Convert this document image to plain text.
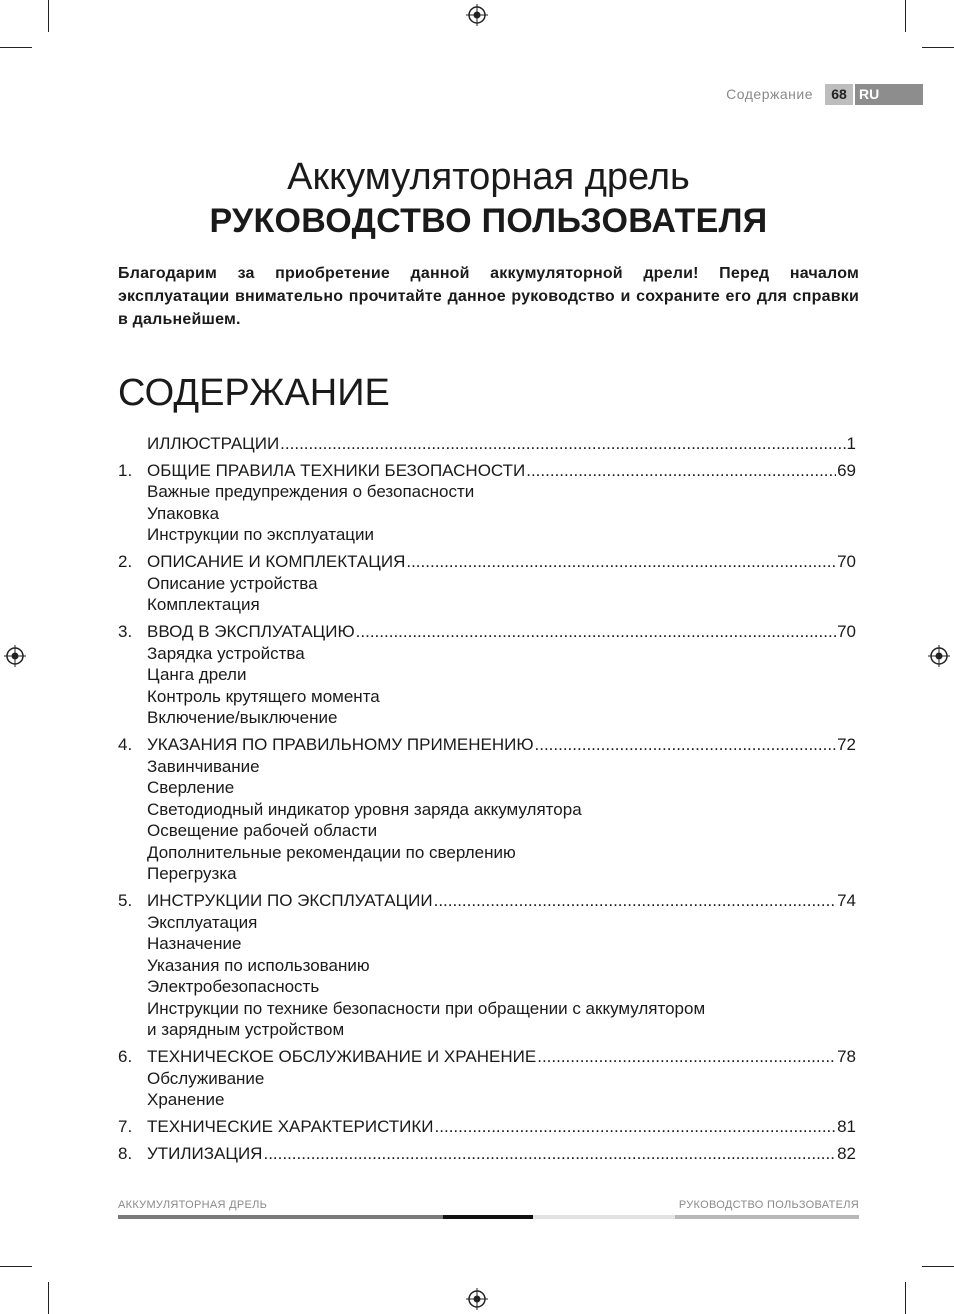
Содержание	68 RU
Аккумуляторная дрель
РУКОВОДСТВО ПОЛЬЗОВАТЕЛЯ
Благодарим за приобретение данной аккумуляторной дрели! Перед началом эксплуатации внимательно прочитайте данное руководство и сохраните его для справки в дальнейшем.
СОДЕРЖАНИЕ
ИЛЛЮСТРАЦИИ .....	1
1. ОБЩИЕ ПРАВИЛА ТЕХНИКИ БЕЗОПАСНОСТИ .....	69
Важные предупреждения о безопасности
Упаковка
Инструкции по эксплуатации
2. ОПИСАНИЕ И КОМПЛЕКТАЦИЯ .....	70
Описание устройства
Комплектация
3. ВВОД В ЭКСПЛУАТАЦИЮ .....	70
Зарядка устройства
Цанга дрели
Контроль крутящего момента
Включение/выключение
4. УКАЗАНИЯ ПО ПРАВИЛЬНОМУ ПРИМЕНЕНИЮ .....	72
Завинчивание
Сверление
Светодиодный индикатор уровня заряда аккумулятора
Освещение рабочей области
Дополнительные рекомендации по сверлению
Перегрузка
5. ИНСТРУКЦИИ ПО ЭКСПЛУАТАЦИИ .....	74
Эксплуатация
Назначение
Указания по использованию
Электробезопасность
Инструкции по технике безопасности при обращении с аккумулятором
и зарядным устройством
6. ТЕХНИЧЕСКОЕ ОБСЛУЖИВАНИЕ И ХРАНЕНИЕ .....	78
Обслуживание
Хранение
7. ТЕХНИЧЕСКИЕ ХАРАКТЕРИСТИКИ .....	81
8. УТИЛИЗАЦИЯ .....	82
АККУМУЛЯТОРНАЯ ДРЕЛЬ	РУКОВОДСТВО ПОЛЬЗОВАТЕЛЯ
